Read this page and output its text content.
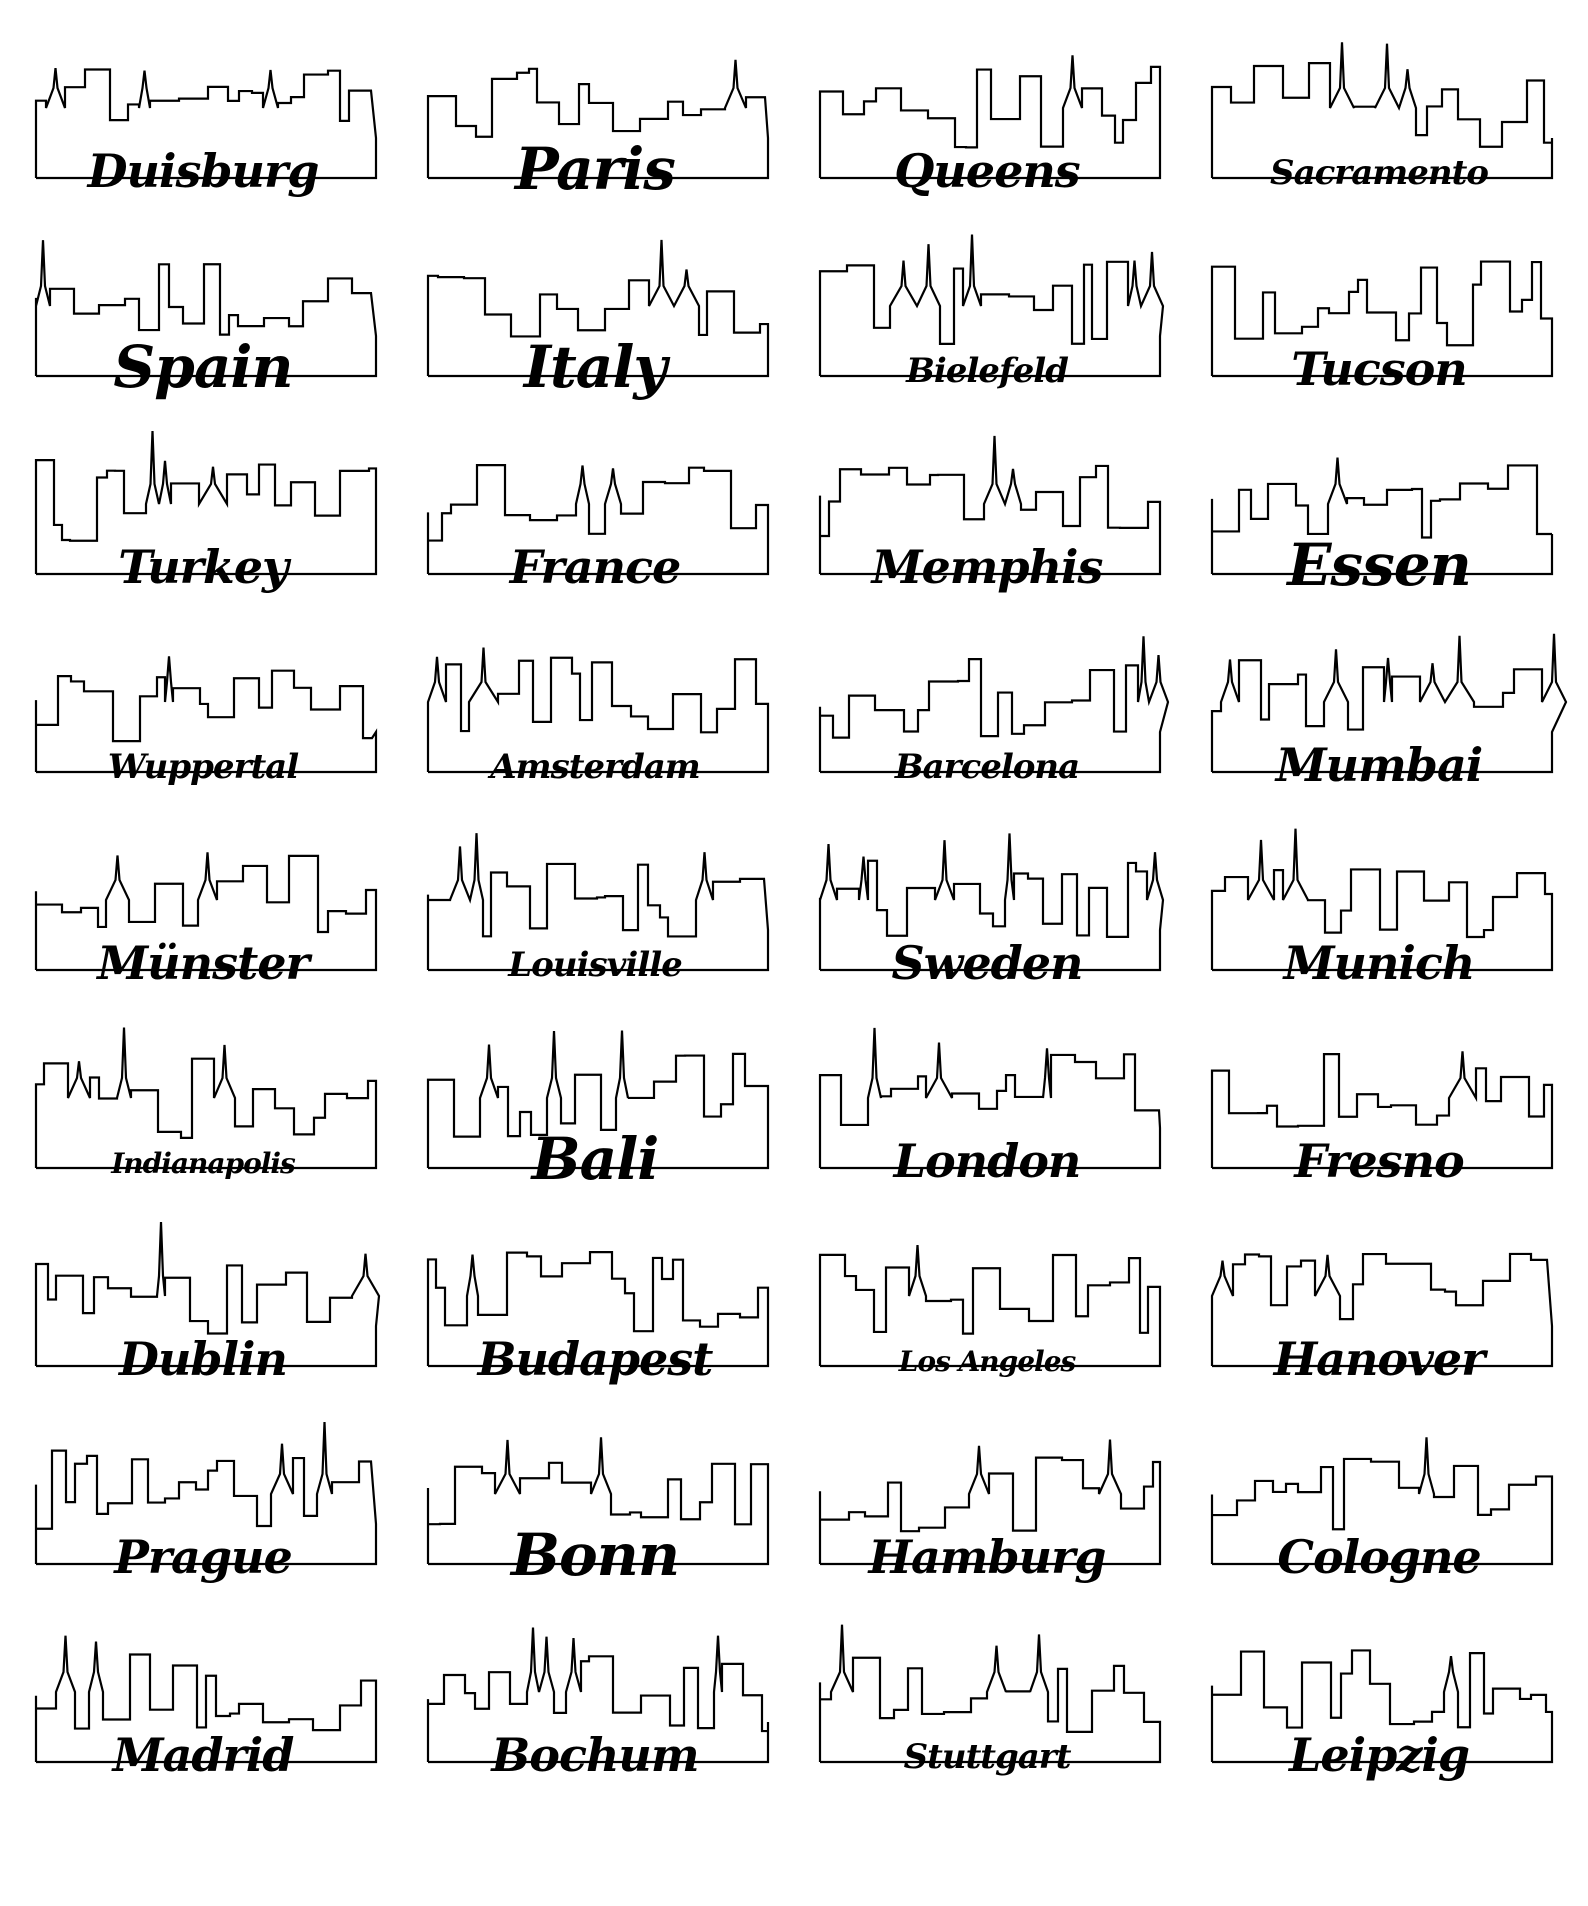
Duisburg	Paris	Queens	Sacramento
Spain	Italy	Bielefeld	Tucson
Turkey	France	Memphis	Essen
Wuppertal	Amsterdam	Barcelona	Mumbai
Münster	Louisville	Sweden	Munich
Indianapolis	Bali	London	Fresno
Dublin	Budapest	Los Angeles	Hanover
Prague	Bonn	Hamburg	Cologne
Madrid	Bochum	Stuttgart	Leipzig
